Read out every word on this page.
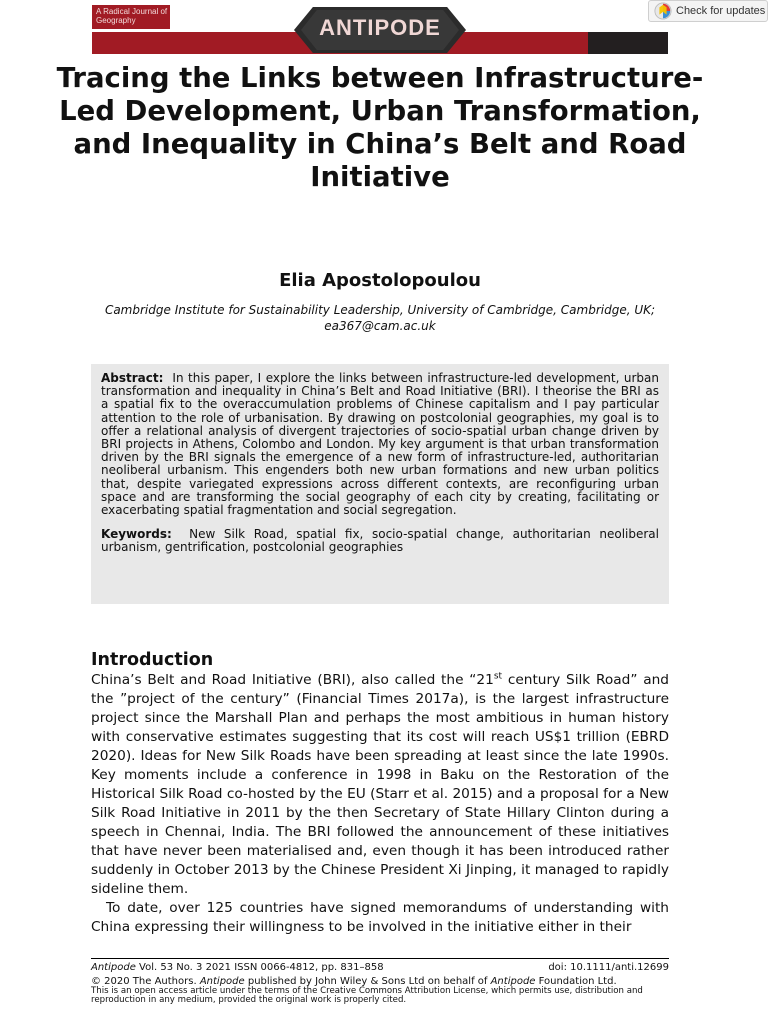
A Radical Journal of Geography	ANTIPODE
Check for updates
Tracing the Links between Infrastructure-Led Development, Urban Transformation, and Inequality in China’s Belt and Road Initiative
Elia Apostolopoulou
Cambridge Institute for Sustainability Leadership, University of Cambridge, Cambridge, UK;
ea367@cam.ac.uk

Abstract: In this paper, I explore the links between infrastructure-led development, urban transformation and inequality in China’s Belt and Road Initiative (BRI). I theorise the BRI as a spatial fix to the overaccumulation problems of Chinese capitalism and I pay particular attention to the role of urbanisation. By drawing on postcolonial geographies, my goal is to offer a relational analysis of divergent trajectories of socio-spatial urban change driven by BRI projects in Athens, Colombo and London. My key argument is that urban transformation driven by the BRI signals the emergence of a new form of infrastructure-led, authoritarian neoliberal urbanism. This engenders both new urban formations and new urban politics that, despite variegated expressions across different contexts, are reconfiguring urban space and are transforming the social geography of each city by creating, facilitating or exacerbating spatial fragmentation and social segregation.

Keywords: New Silk Road, spatial fix, socio-spatial change, authoritarian neoliberal urbanism, gentrification, postcolonial geographies

Introduction

China’s Belt and Road Initiative (BRI), also called the “21st century Silk Road” and the ”project of the century” (Financial Times 2017a), is the largest infrastructure project since the Marshall Plan and perhaps the most ambitious in human history with conservative estimates suggesting that its cost will reach US$1 trillion (EBRD 2020). Ideas for New Silk Roads have been spreading at least since the late 1990s. Key moments include a conference in 1998 in Baku on the Restoration of the Historical Silk Road co-hosted by the EU (Starr et al. 2015) and a proposal for a New Silk Road Initiative in 2011 by the then Secretary of State Hillary Clinton during a speech in Chennai, India. The BRI followed the announcement of these initiatives that have never been materialised and, even though it has been introduced rather suddenly in October 2013 by the Chinese President Xi Jinping, it managed to rapidly sideline them.

To date, over 125 countries have signed memorandums of understanding with China expressing their willingness to be involved in the initiative either in their

Antipode Vol. 53 No. 3 2021 ISSN 0066-4812, pp. 831–858	doi: 10.1111/anti.12699
© 2020 The Authors. Antipode published by John Wiley & Sons Ltd on behalf of Antipode Foundation Ltd.
This is an open access article under the terms of the Creative Commons Attribution License, which permits use, distribution and reproduction in any medium, provided the original work is properly cited.
